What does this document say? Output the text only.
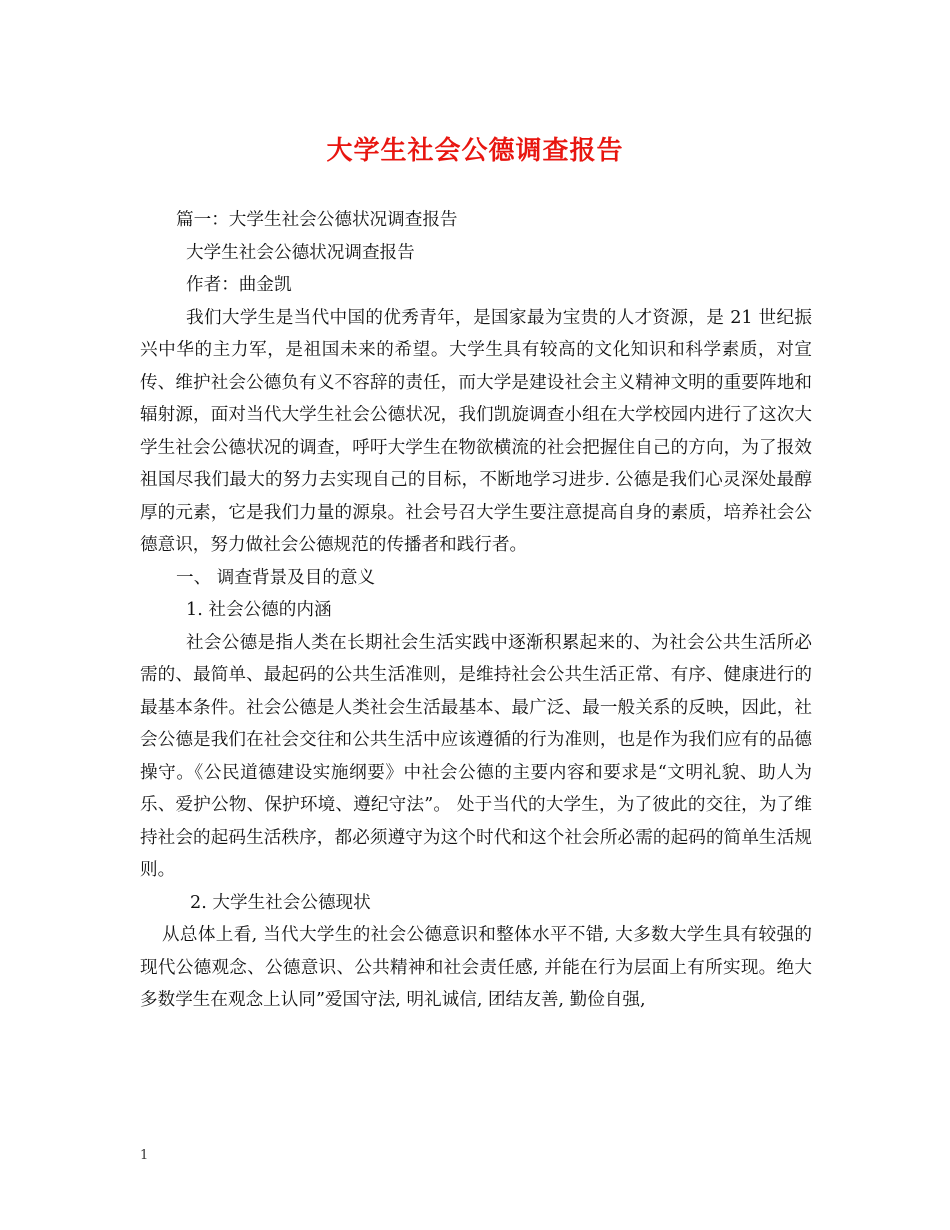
大学生社会公德调查报告

篇一：大学生社会公德状况调查报告

大学生社会公德状况调查报告

作者：曲金凯

我们大学生是当代中国的优秀青年，是国家最为宝贵的人才资源，是 21 世纪振兴中华的主力军，是祖国未来的希望。大学生具有较高的文化知识和科学素质，对宣传、维护社会公德负有义不容辞的责任，而大学是建设社会主义精神文明的重要阵地和辐射源，面对当代大学生社会公德状况，我们凯旋调查小组在大学校园内进行了这次大学生社会公德状况的调查，呼吁大学生在物欲横流的社会把握住自己的方向，为了报效祖国尽我们最大的努力去实现自己的目标，不断地学习进步. 公德是我们心灵深处最醇厚的元素，它是我们力量的源泉。社会号召大学生要注意提高自身的素质，培养社会公德意识，努力做社会公德规范的传播者和践行者。

一、 调查背景及目的意义

1. 社会公德的内涵

社会公德是指人类在长期社会生活实践中逐渐积累起来的、为社会公共生活所必需的、最简单、最起码的公共生活准则，是维持社会公共生活正常、有序、健康进行的最基本条件。社会公德是人类社会生活最基本、最广泛、最一般关系的反映，因此，社会公德是我们在社会交往和公共生活中应该遵循的行为准则，也是作为我们应有的品德操守。《公民道德建设实施纲要》中社会公德的主要内容和要求是“文明礼貌、助人为乐、爱护公物、保护环境、遵纪守法”。 处于当代的大学生，为了彼此的交往，为了维持社会的起码生活秩序，都必须遵守为这个时代和这个社会所必需的起码的简单生活规则。

2. 大学生社会公德现状

从总体上看, 当代大学生的社会公德意识和整体水平不错, 大多数大学生具有较强的现代公德观念、公德意识、公共精神和社会责任感, 并能在行为层面上有所实现。绝大多数学生在观念上认同”爱国守法, 明礼诚信, 团结友善, 勤俭自强,

1
